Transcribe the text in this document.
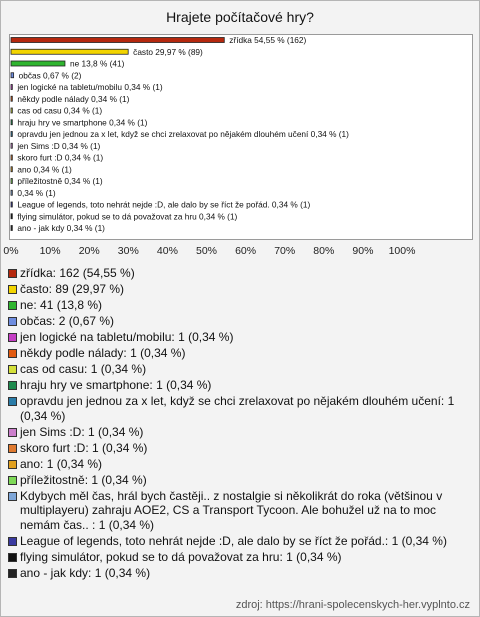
Hrajete počítačové hry?
zřídka 54,55 % (162)
často 29,97 % (89)
ne 13,8 % (41)
občas 0,67 % (2)
jen logické na tabletu/mobilu 0,34 % (1)
někdy podle nálady 0,34 % (1)
cas od casu 0,34 % (1)
hraju hry ve smartphone 0,34 % (1)
opravdu jen jednou za x let, když se chci zrelaxovat po nějakém dlouhém učení 0,34 % (1)
jen Sims :D 0,34 % (1)
skoro furt :D 0,34 % (1)
ano 0,34 % (1)
příležitostně 0,34 % (1)
0,34 % (1)
League of legends, toto nehrát nejde :D, ale dalo by se říct že pořád. 0,34 % (1)
flying simulátor, pokud se to dá považovat za hru 0,34 % (1)
ano - jak kdy 0,34 % (1)
0% 10% 20% 30% 40% 50% 60% 70% 80% 90% 100%
zřídka: 162 (54,55 %)
často: 89 (29,97 %)
ne: 41 (13,8 %)
občas: 2 (0,67 %)
jen logické na tabletu/mobilu: 1 (0,34 %)
někdy podle nálady: 1 (0,34 %)
cas od casu: 1 (0,34 %)
hraju hry ve smartphone: 1 (0,34 %)
opravdu jen jednou za x let, když se chci zrelaxovat po nějakém dlouhém učení: 1 (0,34 %)
jen Sims :D: 1 (0,34 %)
skoro furt :D: 1 (0,34 %)
ano: 1 (0,34 %)
příležitostně: 1 (0,34 %)
Kdybych měl čas, hrál bych častěji.. z nostalgie si několikrát do roka (většinou v multiplayeru) zahraju AOE2, CS a Transport Tycoon. Ale bohužel už na to moc nemám čas.. : 1 (0,34 %)
League of legends, toto nehrát nejde :D, ale dalo by se říct že pořád.: 1 (0,34 %)
flying simulátor, pokud se to dá považovat za hru: 1 (0,34 %)
ano - jak kdy: 1 (0,34 %)
zdroj: https://hrani-spolecenskych-her.vyplnto.cz
